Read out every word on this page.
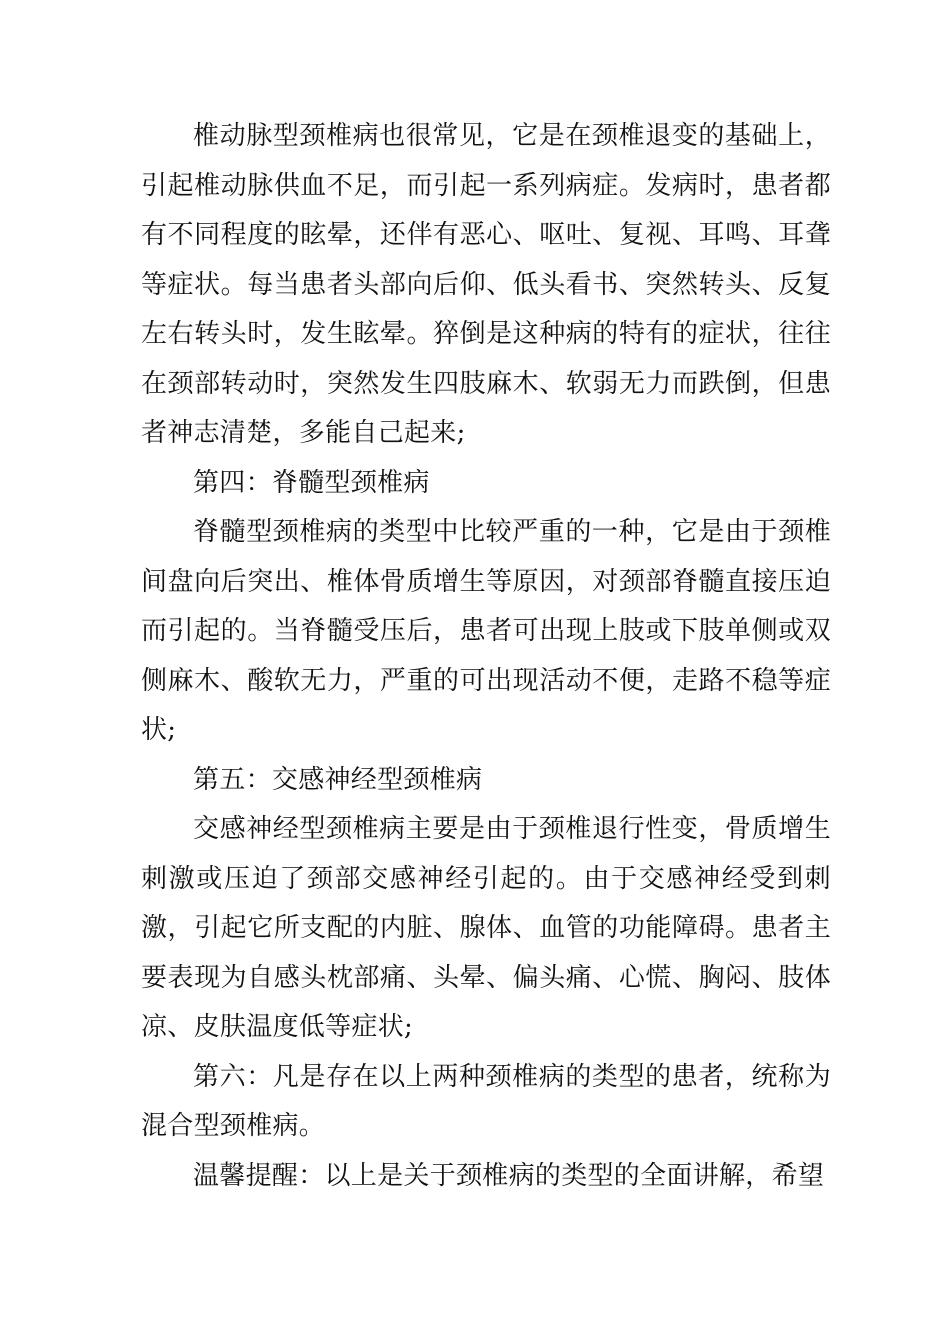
椎动脉型颈椎病也很常见，它是在颈椎退变的基础上，引起椎动脉供血不足，而引起一系列病症。发病时，患者都有不同程度的眩晕，还伴有恶心、呕吐、复视、耳鸣、耳聋等症状。每当患者头部向后仰、低头看书、突然转头、反复左右转头时，发生眩晕。猝倒是这种病的特有的症状，往往在颈部转动时，突然发生四肢麻木、软弱无力而跌倒，但患者神志清楚，多能自己起来;

第四：脊髓型颈椎病

脊髓型颈椎病的类型中比较严重的一种，它是由于颈椎间盘向后突出、椎体骨质增生等原因，对颈部脊髓直接压迫而引起的。当脊髓受压后，患者可出现上肢或下肢单侧或双侧麻木、酸软无力，严重的可出现活动不便，走路不稳等症状;

第五：交感神经型颈椎病

交感神经型颈椎病主要是由于颈椎退行性变，骨质增生刺激或压迫了颈部交感神经引起的。由于交感神经受到刺激，引起它所支配的内脏、腺体、血管的功能障碍。患者主要表现为自感头枕部痛、头晕、偏头痛、心慌、胸闷、肢体凉、皮肤温度低等症状;

第六：凡是存在以上两种颈椎病的类型的患者，统称为混合型颈椎病。

温馨提醒：以上是关于颈椎病的类型的全面讲解，希望
